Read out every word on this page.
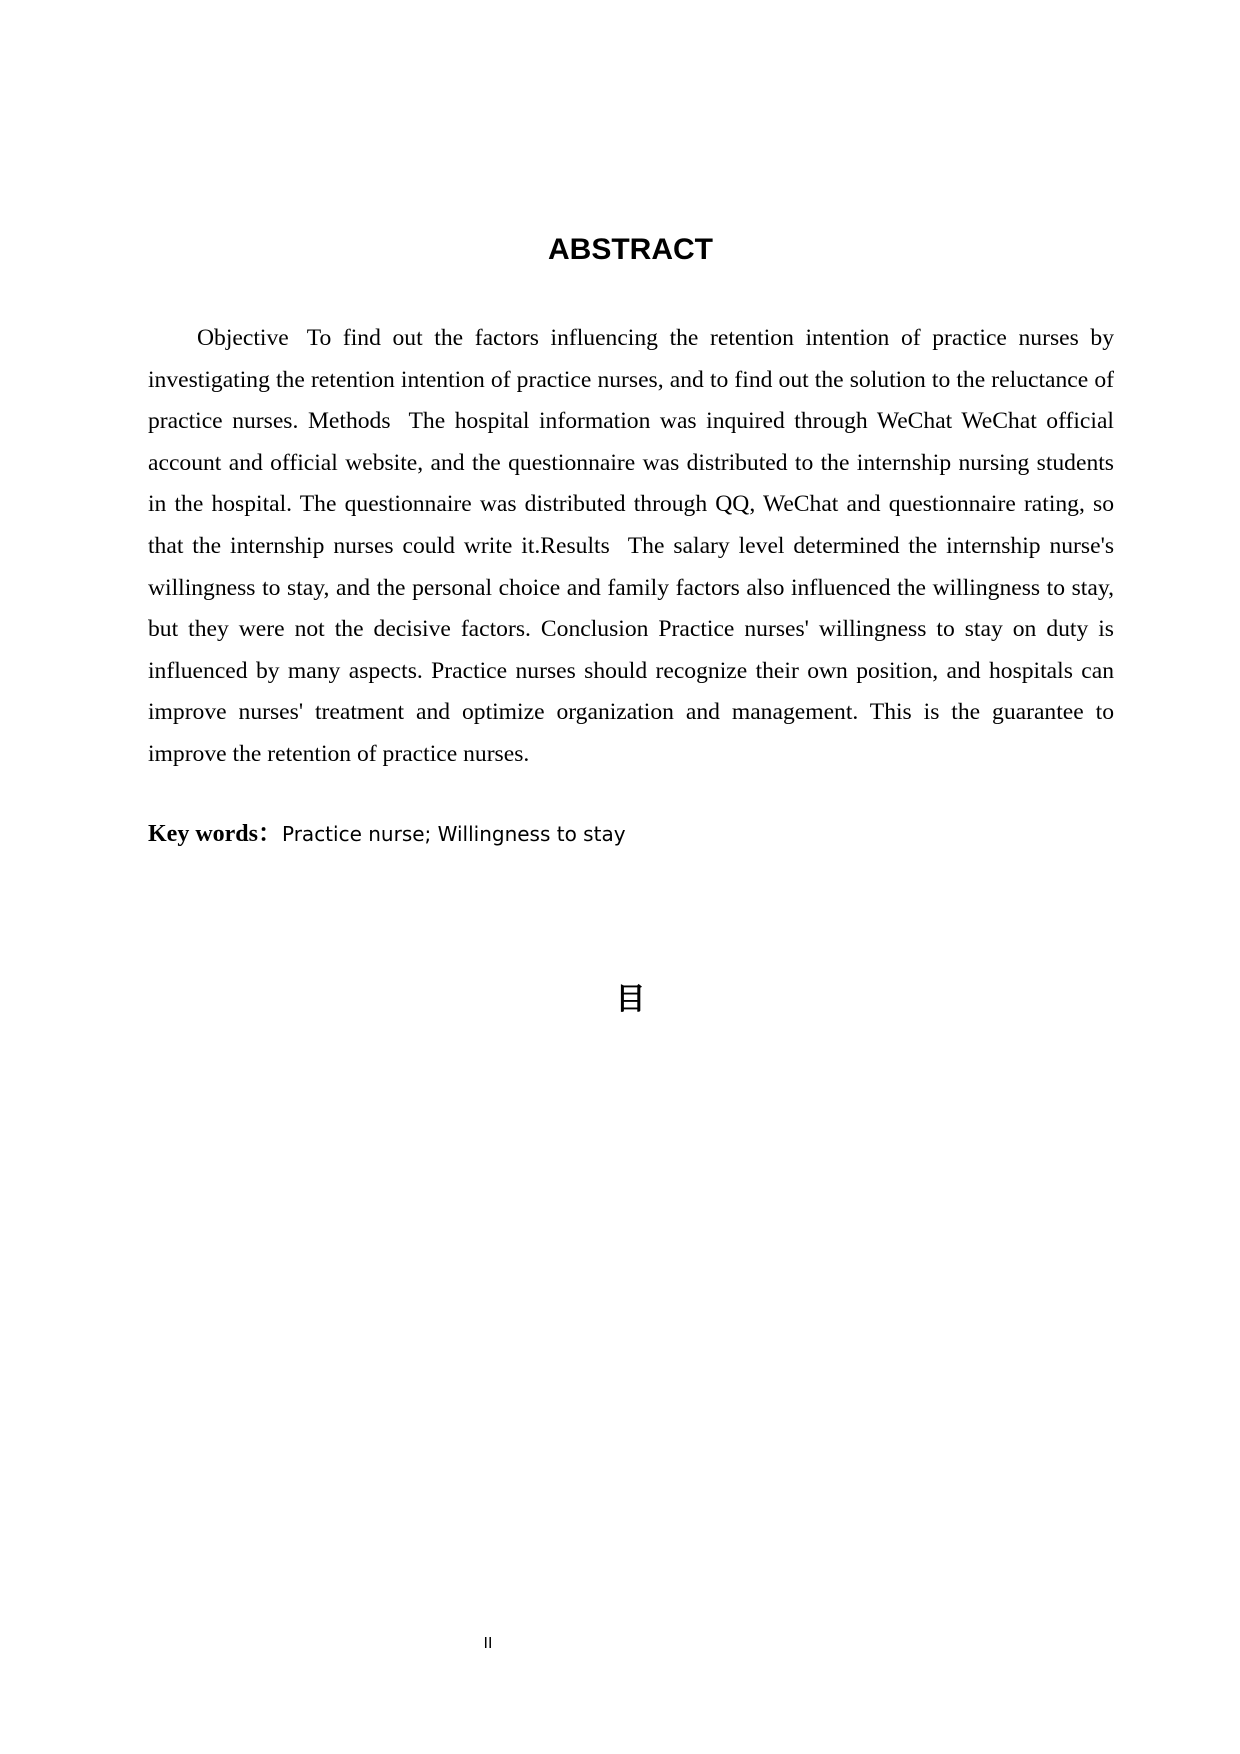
ABSTRACT

Objective To find out the factors influencing the retention intention of practice nurses by investigating the retention intention of practice nurses, and to find out the solution to the reluctance of practice nurses. Methods The hospital information was inquired through WeChat WeChat official account and official website, and the questionnaire was distributed to the internship nursing students in the hospital. The questionnaire was distributed through QQ, WeChat and questionnaire rating, so that the internship nurses could write it.Results The salary level determined the internship nurse's willingness to stay, and the personal choice and family factors also influenced the willingness to stay, but they were not the decisive factors. Conclusion Practice nurses' willingness to stay on duty is influenced by many aspects. Practice nurses should recognize their own position, and hospitals can improve nurses' treatment and optimize organization and management. This is the guarantee to improve the retention of practice nurses.

Key words：Practice nurse; Willingness to stay

目
II
